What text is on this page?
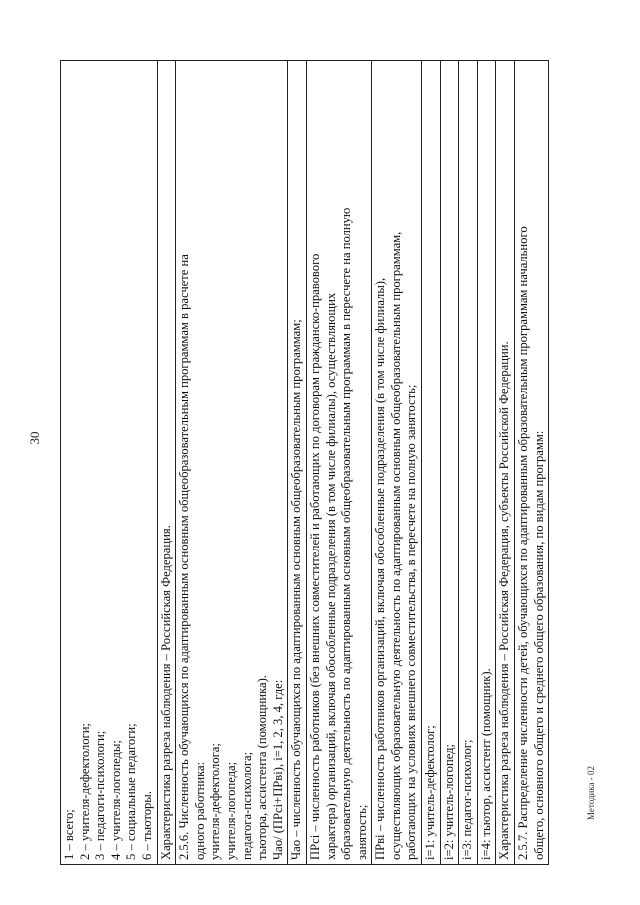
30
Методика - 02
1 – всего; 2 – учителя-дефектологи; 3 – педагоги-психологи; 4 – учителя-логопеды; 5 – социальные педагоги; 6 – тьюторы.

Характеристика разреза наблюдения – Российская Федерация.

2.5.6. Численность обучающихся по адаптированным основным общеобразовательным программам в расчете на одного работника: учителя-дефектолога; учителя-логопеда; педагога-психолога; тьютора, ассистента (помощника). Чао/ (ПРсi+ПРвi), i=1, 2, 3, 4, где:

Чао – численность обучающихся по адаптированным основным общеобразовательным программам;

ПРсi – численность работников (без внешних совместителей и работающих по договорам гражданско-правового характера) организаций, включая обособленные подразделения (в том числе филиалы), осуществляющих образовательную деятельность по адаптированным основным общеобразовательным программам в пересчете на полную занятость;

ПРвi – численность работников организаций, включая обособленные подразделения (в том числе филиалы), осуществляющих образовательную деятельность по адаптированным основным общеобразовательным программам, работающих на условиях внешнего совместительства, в пересчете на полную занятость;

i=1: учитель-дефектолог;

i=2: учитель-логопед;

i=3: педагог-психолог;

i=4: тьютор, ассистент (помощник).

Характеристика разреза наблюдения – Российская Федерация, субъекты Российской Федерации.

2.5.7. Распределение численности детей, обучающихся по адаптированным образовательным программам начального общего, основного общего и среднего общего образования, по видам программ:
